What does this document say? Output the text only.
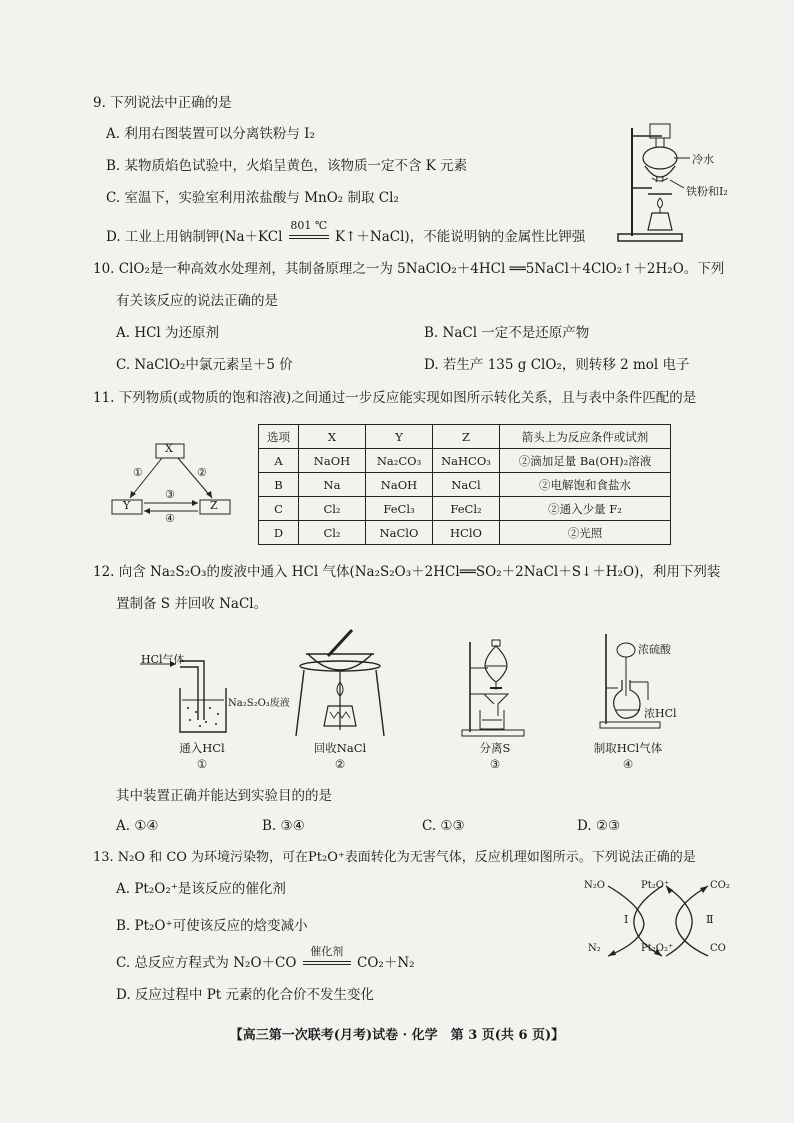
9. 下列说法中正确的是
A. 利用右图装置可以分离铁粉与 I₂
B. 某物质焰色试验中，火焰呈黄色，该物质一定不含 K 元素
C. 室温下，实验室利用浓盐酸与 MnO₂ 制取 Cl₂
D. 工业上用钠制钾(Na＋KCl
801 ℃
K↑＋NaCl)，不能说明钠的金属性比钾强
冷水
铁粉和I₂
10. ClO₂是一种高效水处理剂，其制备原理之一为 5NaClO₂＋4HCl ══5NaCl＋4ClO₂↑＋2H₂O。下列
有关该反应的说法正确的是
A. HCl 为还原剂	B. NaCl 一定不是还原产物
C. NaClO₂中氯元素呈＋5 价	D. 若生产 135 g ClO₂，则转移 2 mol 电子
11. 下列物质(或物质的饱和溶液)之间通过一步反应能实现如图所示转化关系，且与表中条件匹配的是
X
Y	Z
①	②
③
④
选项	X	Y	Z	箭头上为反应条件或试剂
A	NaOH	Na₂CO₃	NaHCO₃	②滴加足量 Ba(OH)₂溶液
B	Na	NaOH	NaCl	②电解饱和食盐水
C	Cl₂	FeCl₃	FeCl₂	②通入少量 F₂
D	Cl₂	NaClO	HClO	②光照
12. 向含 Na₂S₂O₃的废液中通入 HCl 气体(Na₂S₂O₃＋2HCl══SO₂＋2NaCl＋S↓＋H₂O)，利用下列装
置制备 S 并回收 NaCl。
HCl气体
Na₂S₂O₃废液
通入HCl
①
回收NaCl
②
分离S
③
浓硫酸
浓HCl
制取HCl气体
④
其中装置正确并能达到实验目的的是
A. ①④	B. ③④	C. ①③	D. ②③
13. N₂O 和 CO 为环境污染物，可在Pt₂O⁺表面转化为无害气体，反应机理如图所示。下列说法正确的是
A. Pt₂O₂⁺是该反应的催化剂
B. Pt₂O⁺可使该反应的焓变减小
C. 总反应方程式为 N₂O＋CO
催化剂
CO₂＋N₂
D. 反应过程中 Pt 元素的化合价不发生变化
N₂O	Pt₂O⁺	CO₂
N₂	Pt₂O₂⁺	CO
Ⅰ	Ⅱ
【高三第一次联考(月考)试卷 · 化学　第 3 页(共 6 页)】
